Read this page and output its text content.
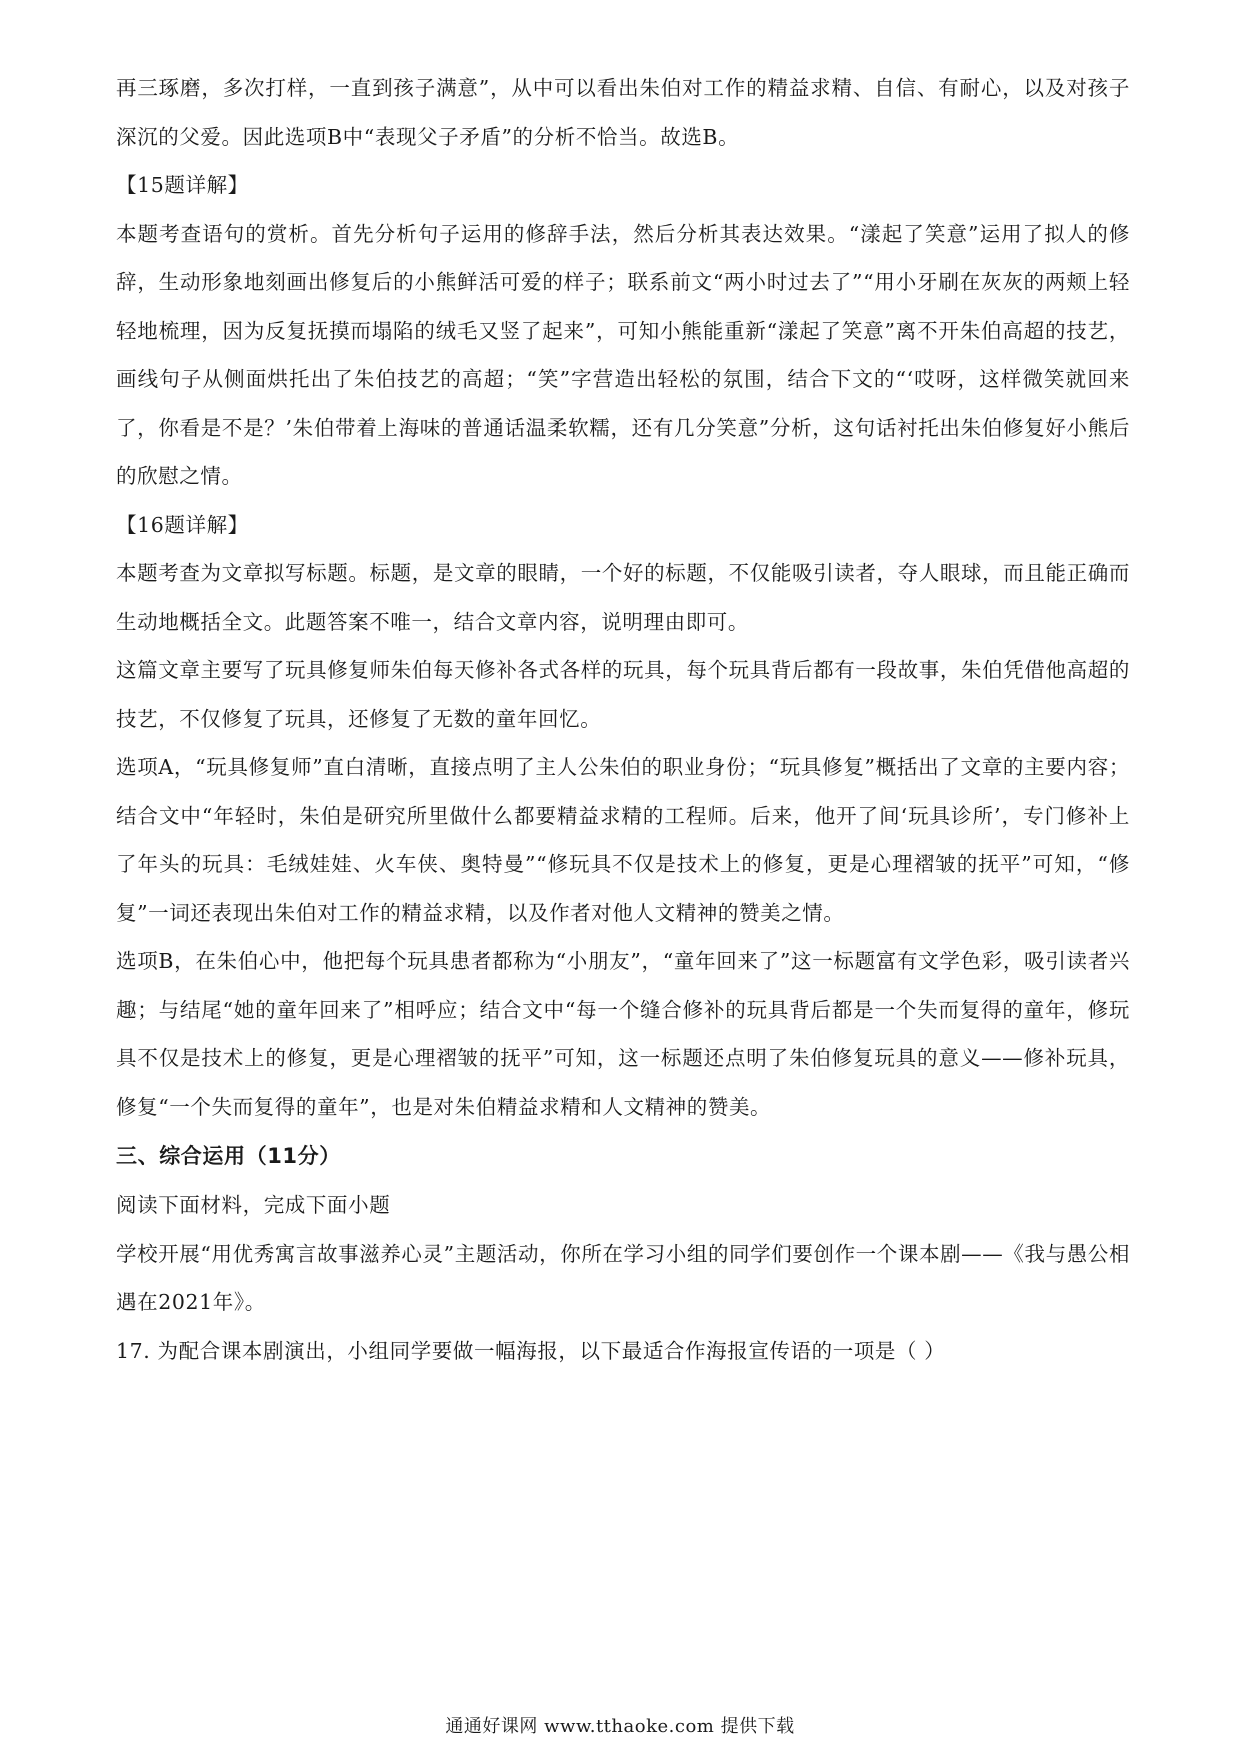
再三琢磨，多次打样，一直到孩子满意”，从中可以看出朱伯对工作的精益求精、自信、有耐心，以及对孩子深沉的父爱。因此选项B中“表现父子矛盾”的分析不恰当。故选B。

【15题详解】

本题考查语句的赏析。首先分析句子运用的修辞手法，然后分析其表达效果。“漾起了笑意”运用了拟人的修辞，生动形象地刻画出修复后的小熊鲜活可爱的样子；联系前文“两小时过去了”“用小牙刷在灰灰的两颊上轻轻地梳理，因为反复抚摸而塌陷的绒毛又竖了起来”，可知小熊能重新“漾起了笑意”离不开朱伯高超的技艺，画线句子从侧面烘托出了朱伯技艺的高超；“笑”字营造出轻松的氛围，结合下文的“‘哎呀，这样微笑就回来了，你看是不是？’朱伯带着上海味的普通话温柔软糯，还有几分笑意”分析，这句话衬托出朱伯修复好小熊后的欣慰之情。

【16题详解】

本题考查为文章拟写标题。标题，是文章的眼睛，一个好的标题，不仅能吸引读者，夺人眼球，而且能正确而生动地概括全文。此题答案不唯一，结合文章内容，说明理由即可。

这篇文章主要写了玩具修复师朱伯每天修补各式各样的玩具，每个玩具背后都有一段故事，朱伯凭借他高超的技艺，不仅修复了玩具，还修复了无数的童年回忆。

选项A，“玩具修复师”直白清晰，直接点明了主人公朱伯的职业身份；“玩具修复”概括出了文章的主要内容；结合文中“年轻时，朱伯是研究所里做什么都要精益求精的工程师。后来，他开了间‘玩具诊所’，专门修补上了年头的玩具：毛绒娃娃、火车侠、奥特曼”“修玩具不仅是技术上的修复，更是心理褶皱的抚平”可知，“修复”一词还表现出朱伯对工作的精益求精，以及作者对他人文精神的赞美之情。

选项B，在朱伯心中，他把每个玩具患者都称为“小朋友”，“童年回来了”这一标题富有文学色彩，吸引读者兴趣；与结尾“她的童年回来了”相呼应；结合文中“每一个缝合修补的玩具背后都是一个失而复得的童年，修玩具不仅是技术上的修复，更是心理褶皱的抚平”可知，这一标题还点明了朱伯修复玩具的意义——修补玩具，修复“一个失而复得的童年”，也是对朱伯精益求精和人文精神的赞美。

三、综合运用（11分）

阅读下面材料，完成下面小题

学校开展“用优秀寓言故事滋养心灵”主题活动，你所在学习小组的同学们要创作一个课本剧——《我与愚公相遇在2021年》。

17. 为配合课本剧演出，小组同学要做一幅海报，以下最适合作海报宣传语的一项是（ ）

通通好课网 www.tthaoke.com 提供下载
